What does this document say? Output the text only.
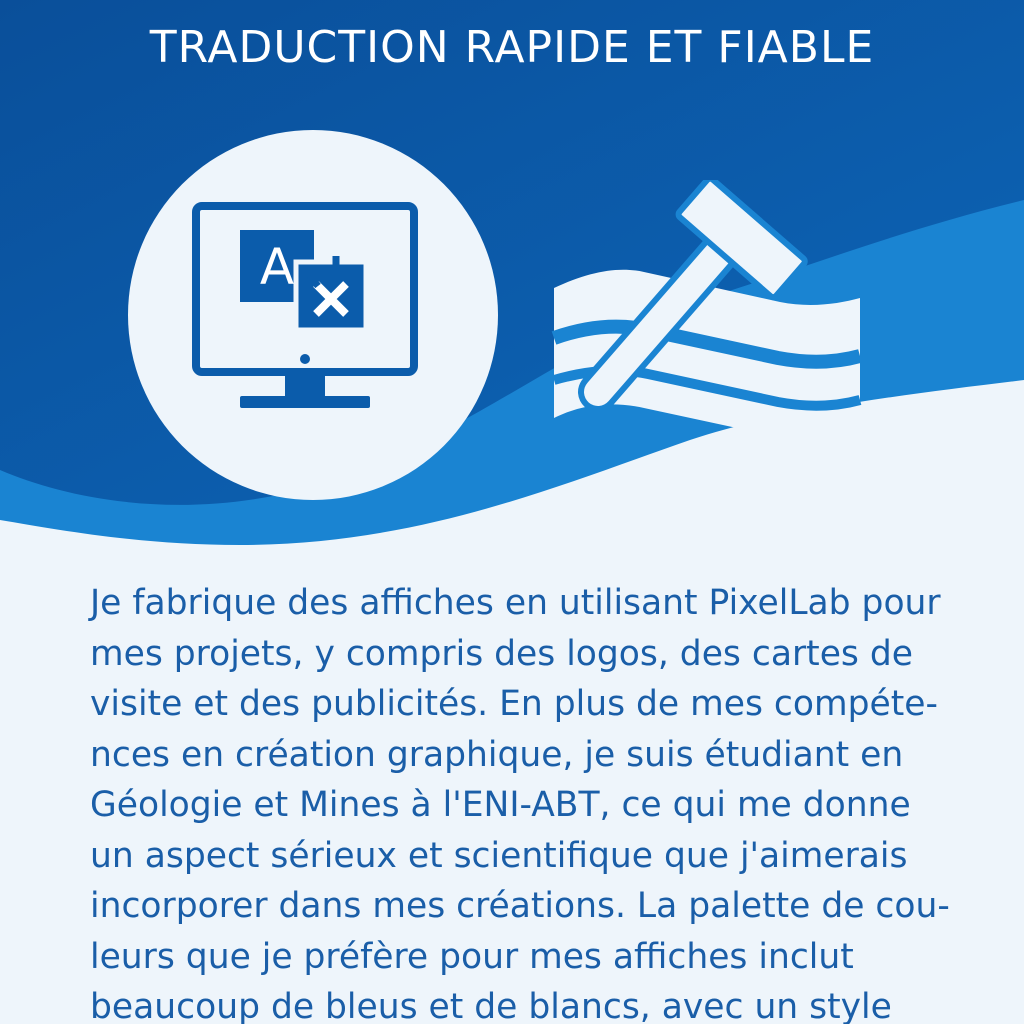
TRADUCTION RAPIDE ET FIABLE
A
Je fabrique des affiches en utilisant PixelLab pour
mes projets, y compris des logos, des cartes de
visite et des publicités. En plus de mes compéte-
nces en création graphique, je suis étudiant en
Géologie et Mines à l'ENI-ABT, ce qui me donne
un aspect sérieux et scientifique que j'aimerais
incorporer dans mes créations. La palette de cou-
leurs que je préfère pour mes affiches inclut
beaucoup de bleus et de blancs, avec un style
